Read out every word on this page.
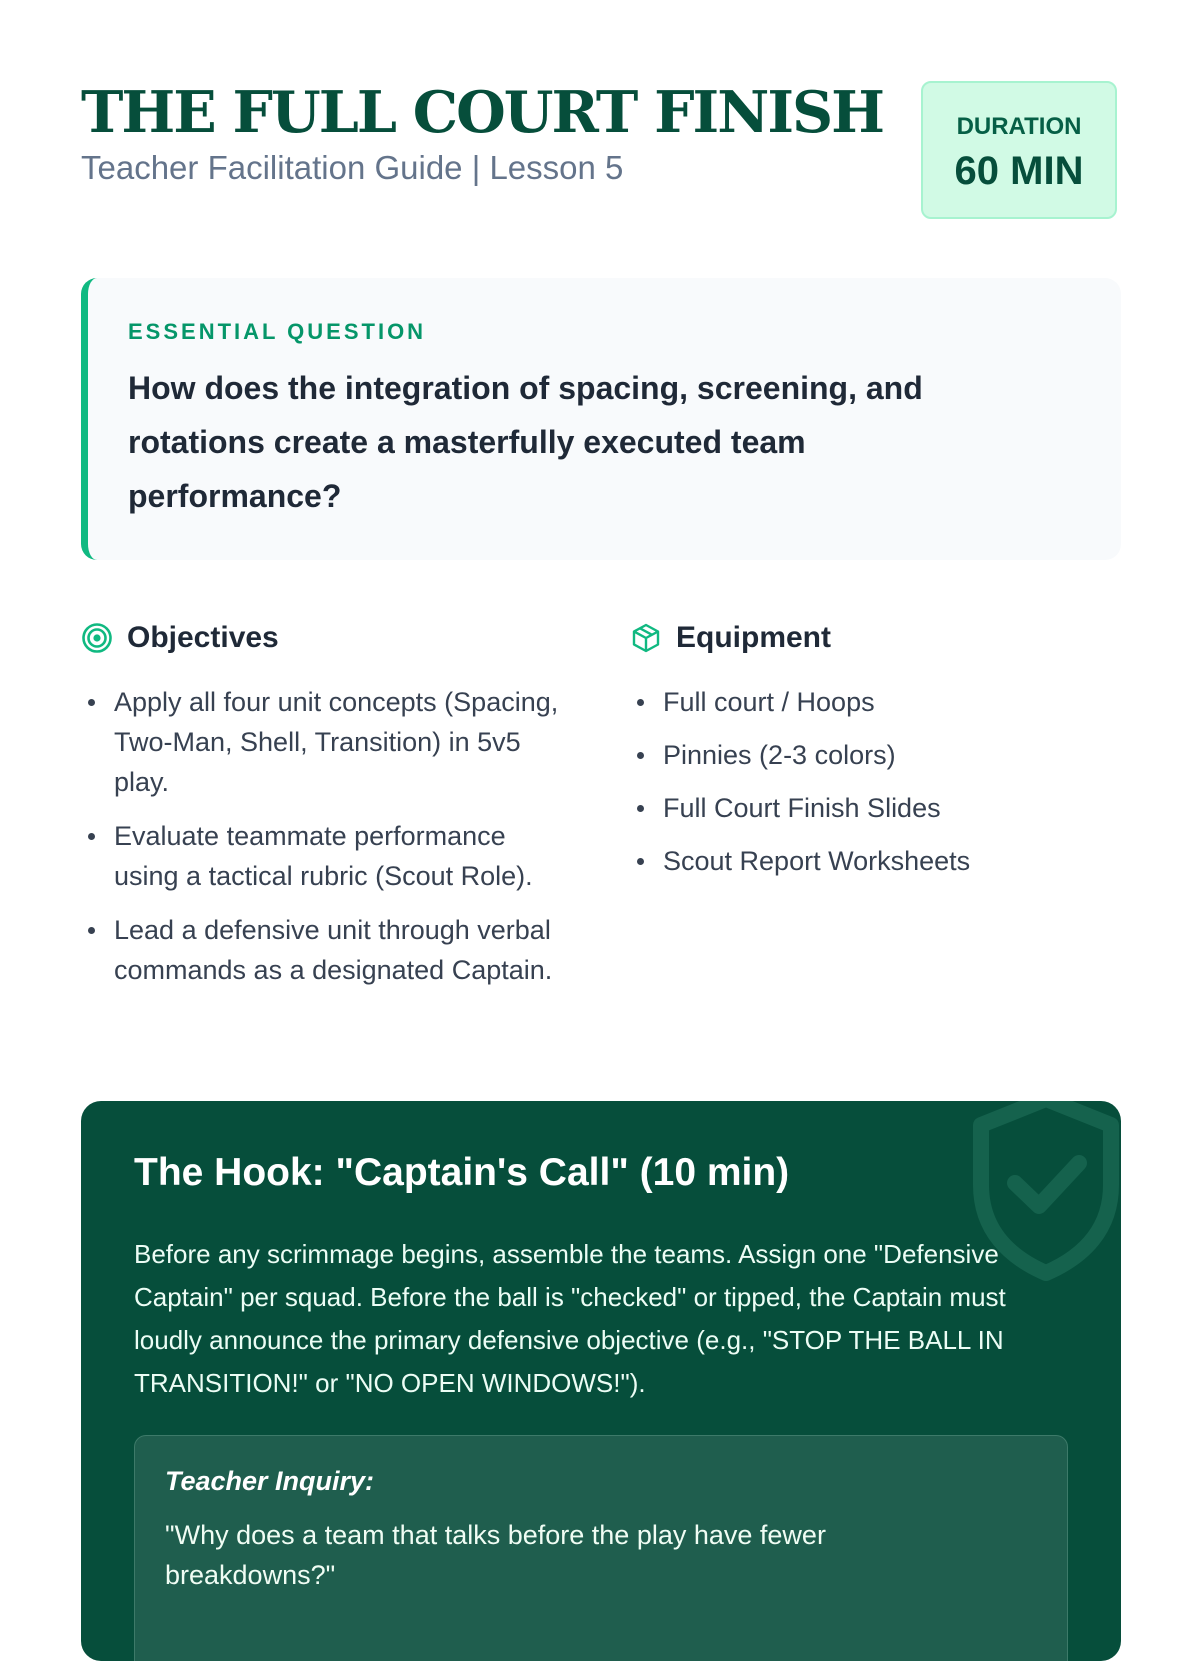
THE FULL COURT FINISH

Teacher Facilitation Guide | Lesson 5

DURATION
60 MIN

ESSENTIAL QUESTION

How does the integration of spacing, screening, and rotations create a masterfully executed team performance?

Objectives
Apply all four unit concepts (Spacing, Two-Man, Shell, Transition) in 5v5 play.
Evaluate teammate performance using a tactical rubric (Scout Role).
Lead a defensive unit through verbal commands as a designated Captain.
Equipment
Full court / Hoops
Pinnies (2-3 colors)
Full Court Finish Slides
Scout Report Worksheets
The Hook: "Captain's Call" (10 min)

Before any scrimmage begins, assemble the teams. Assign one "Defensive Captain" per squad. Before the ball is "checked" or tipped, the Captain must loudly announce the primary defensive objective (e.g., "STOP THE BALL IN TRANSITION!" or "NO OPEN WINDOWS!").

Teacher Inquiry:

"Why does a team that talks before the play have fewer breakdowns?"
